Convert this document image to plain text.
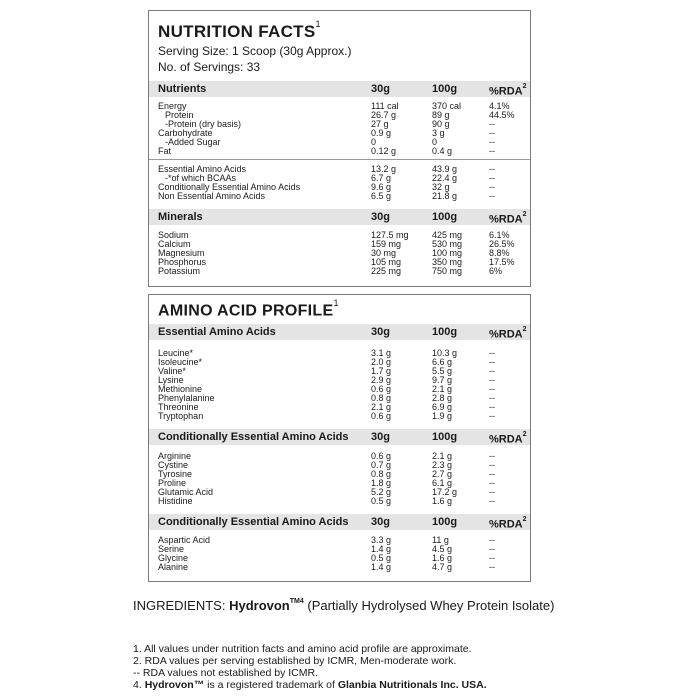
NUTRITION FACTS$^1$
Serving Size: 1 Scoop (30g Approx.)
No. of Servings: 33
Nutrients	30g	100g	%RDA$^2$
Energy	111 cal	370 cal	4.1%
Protein	26.7 g	89 g	44.5%
-Protein (dry basis)	27 g	90 g	--
Carbohydrate	0.9 g	3 g	--
-Added Sugar	0	0	--
Fat	0.12 g	0.4 g	--
Essential Amino Acids	13.2 g	43.9 g	--
-*of which BCAAs	6.7 g	22.4 g	--
Conditionally Essential Amino Acids	9.6 g	32 g	--
Non Essential Amino Acids	6.5 g	21.8 g	--
Minerals	30g	100g	%RDA$^2$
Sodium	127.5 mg	425 mg	6.1%
Calcium	159 mg	530 mg	26.5%
Magnesium	30 mg	100 mg	8.8%
Phosphorus	105 mg	350 mg	17.5%
Potassium	225 mg	750 mg	6%
AMINO ACID PROFILE$^1$
Essential Amino Acids	30g	100g	%RDA$^2$
Leucine*	3.1 g	10.3 g	--
Isoleucine*	2.0 g	6.6 g	--
Valine*	1.7 g	5.5 g	--
Lysine	2.9 g	9.7 g	--
Methionine	0.6 g	2.1 g	--
Phenylalanine	0.8 g	2.8 g	--
Threonine	2.1 g	6.9 g	--
Tryptophan	0.6 g	1.9 g	--
Conditionally Essential Amino Acids 30g	100g	%RDA$^2$
Arginine	0.6 g	2.1 g	--
Cystine	0.7 g	2.3 g	--
Tyrosine	0.8 g	2.7 g	--
Proline	1.8 g	6.1 g	--
Glutamic Acid	5.2 g	17.2 g	--
Histidine	0.5 g	1.6 g	--
Conditionally Essential Amino Acids 30g	100g	%RDA$^2$
Aspartic Acid	3.3 g	11 g	--
Serine	1.4 g	4.5 g	--
Glycine	0.5 g	1.6 g	--
Alanine	1.4 g	4.7 g	--
INGREDIENTS: Hydrovon$^{TM4}$ (Partially Hydrolysed Whey Protein Isolate)
1. All values under nutrition facts and amino acid profile are approximate.
2. RDA values per serving established by ICMR, Men-moderate work.
-- RDA values not established by ICMR.
4. Hydrovon™ is a registered trademark of Glanbia Nutritionals Inc. USA.
